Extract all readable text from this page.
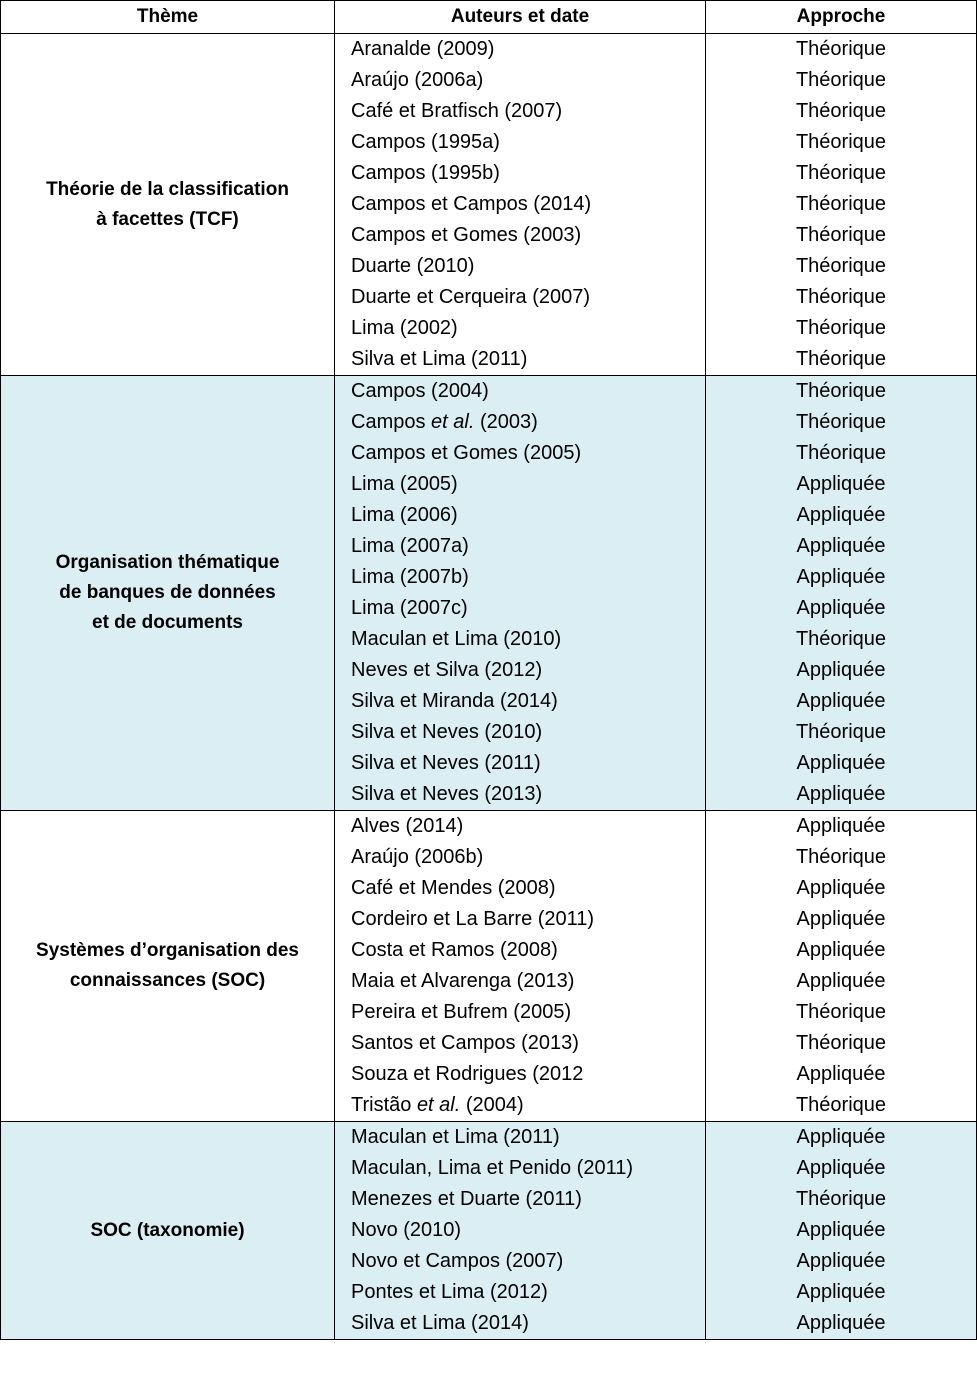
Thème	Auteurs et date	Approche

Théorie de la classification
à facettes (TCF)	Aranalde (2009)	Théorique
	Araújo (2006a)	Théorique
	Café et Bratfisch (2007)	Théorique
	Campos (1995a)	Théorique
	Campos (1995b)	Théorique
	Campos et Campos (2014)	Théorique
	Campos et Gomes (2003)	Théorique
	Duarte (2010)	Théorique
	Duarte et Cerqueira (2007)	Théorique
	Lima (2002)	Théorique
	Silva et Lima (2011)	Théorique

Organisation thématique
de banques de données
et de documents	Campos (2004)	Théorique
	Campos et al. (2003)	Théorique
	Campos et Gomes (2005)	Théorique
	Lima (2005)	Appliquée
	Lima (2006)	Appliquée
	Lima (2007a)	Appliquée
	Lima (2007b)	Appliquée
	Lima (2007c)	Appliquée
	Maculan et Lima (2010)	Théorique
	Neves et Silva (2012)	Appliquée
	Silva et Miranda (2014)	Appliquée
	Silva et Neves (2010)	Théorique
	Silva et Neves (2011)	Appliquée
	Silva et Neves (2013)	Appliquée

Systèmes d’organisation des
connaissances (SOC)	Alves (2014)	Appliquée
	Araújo (2006b)	Théorique
	Café et Mendes (2008)	Appliquée
	Cordeiro et La Barre (2011)	Appliquée
	Costa et Ramos (2008)	Appliquée
	Maia et Alvarenga (2013)	Appliquée
	Pereira et Bufrem (2005)	Théorique
	Santos et Campos (2013)	Théorique
	Souza et Rodrigues (2012	Appliquée
	Tristão et al. (2004)	Théorique

SOC (taxonomie)	Maculan et Lima (2011)	Appliquée
	Maculan, Lima et Penido (2011)	Appliquée
	Menezes et Duarte (2011)	Théorique
	Novo (2010)	Appliquée
	Novo et Campos (2007)	Appliquée
	Pontes et Lima (2012)	Appliquée
	Silva et Lima (2014)	Appliquée
